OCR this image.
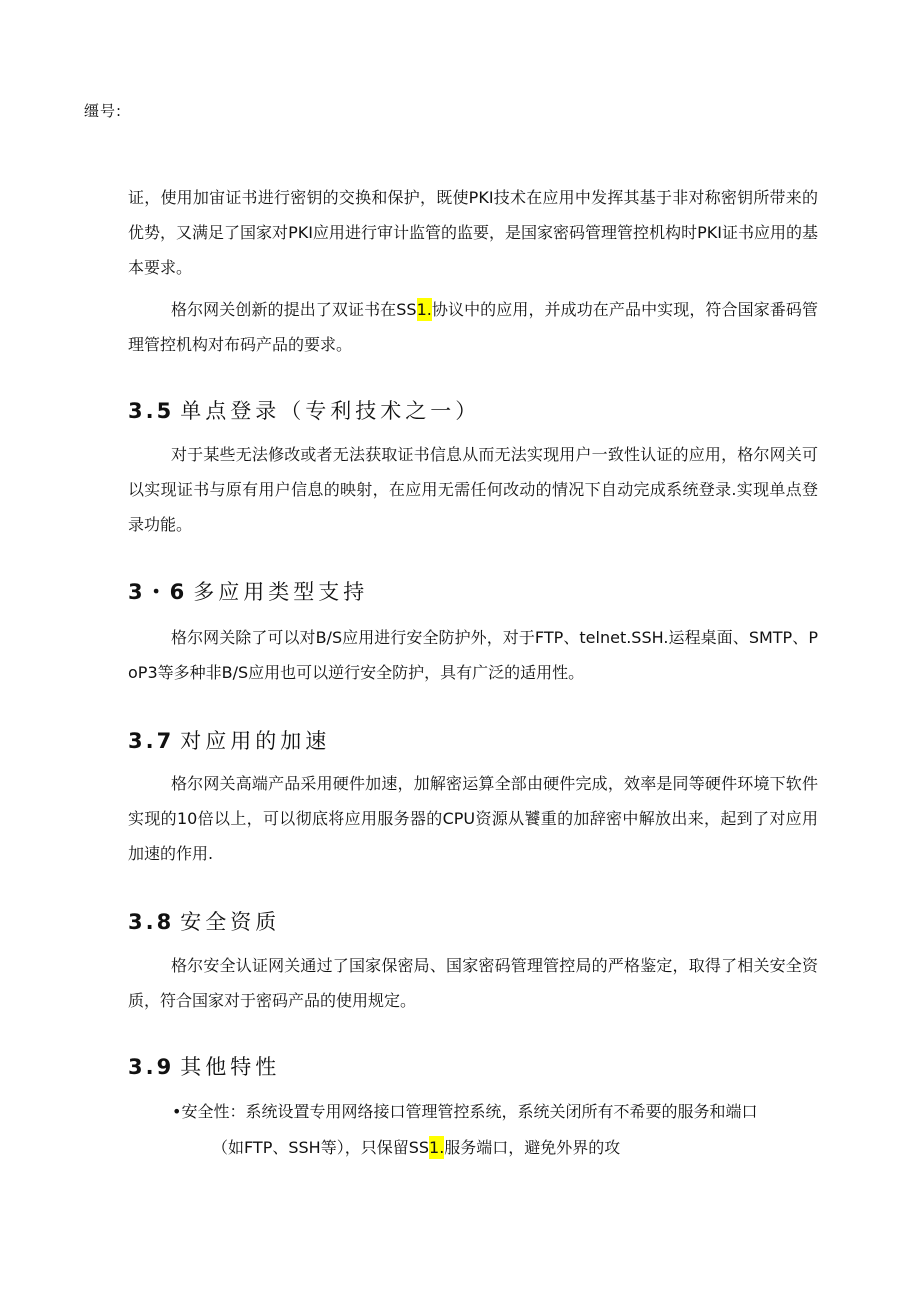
缰号:
证，使用加宙证书进行密钥的交换和保护，既使PKI技术在应用中发挥其基于非对称密钥所带来的优势，又满足了国家对PKI应用进行审计监管的监要，是国家密码管理管控机构时PKI证书应用的基本要求。
格尔网关创新的提出了双证书在SS1.协议中的应用，并成功在产品中实现，符合国家番码管理管控机构对布码产品的要求。
3.5 单点登录（专利技术之一）
对于某些无法修改或者无法获取证书信息从而无法实现用户一致性认证的应用，格尔网关可以实现证书与原有用户信息的映射，在应用无需任何改动的情况下自动完成系统登录.实现单点登录功能。
3・6 多应用类型支持
格尔网关除了可以对B/S应用进行安全防护外，对于FTP、telnet.SSH.运程桌面、SMTP、PoP3等多种非B/S应用也可以逆行安全防护，具有广泛的适用性。
3.7 对应用的加速
格尔网关高端产品采用硬件加速，加解密运算全部由硬件完成，效率是同等硬件环境下软件实现的10倍以上，可以彻底将应用服务器的CPU资源从饕重的加辞密中解放出来，起到了对应用加速的作用.
3.8 安全资质
格尔安全认证网关通过了国家保密局、国家密码管理管控局的严格鉴定，取得了相关安全资质，符合国家对于密码产品的使用规定。
3.9 其他特性
•安全性：系统设置专用网络接口管理管控系统，系统关闭所有不希要的服务和端口
（如FTP、SSH等），只保留SS1.服务端口，避免外界的攻
